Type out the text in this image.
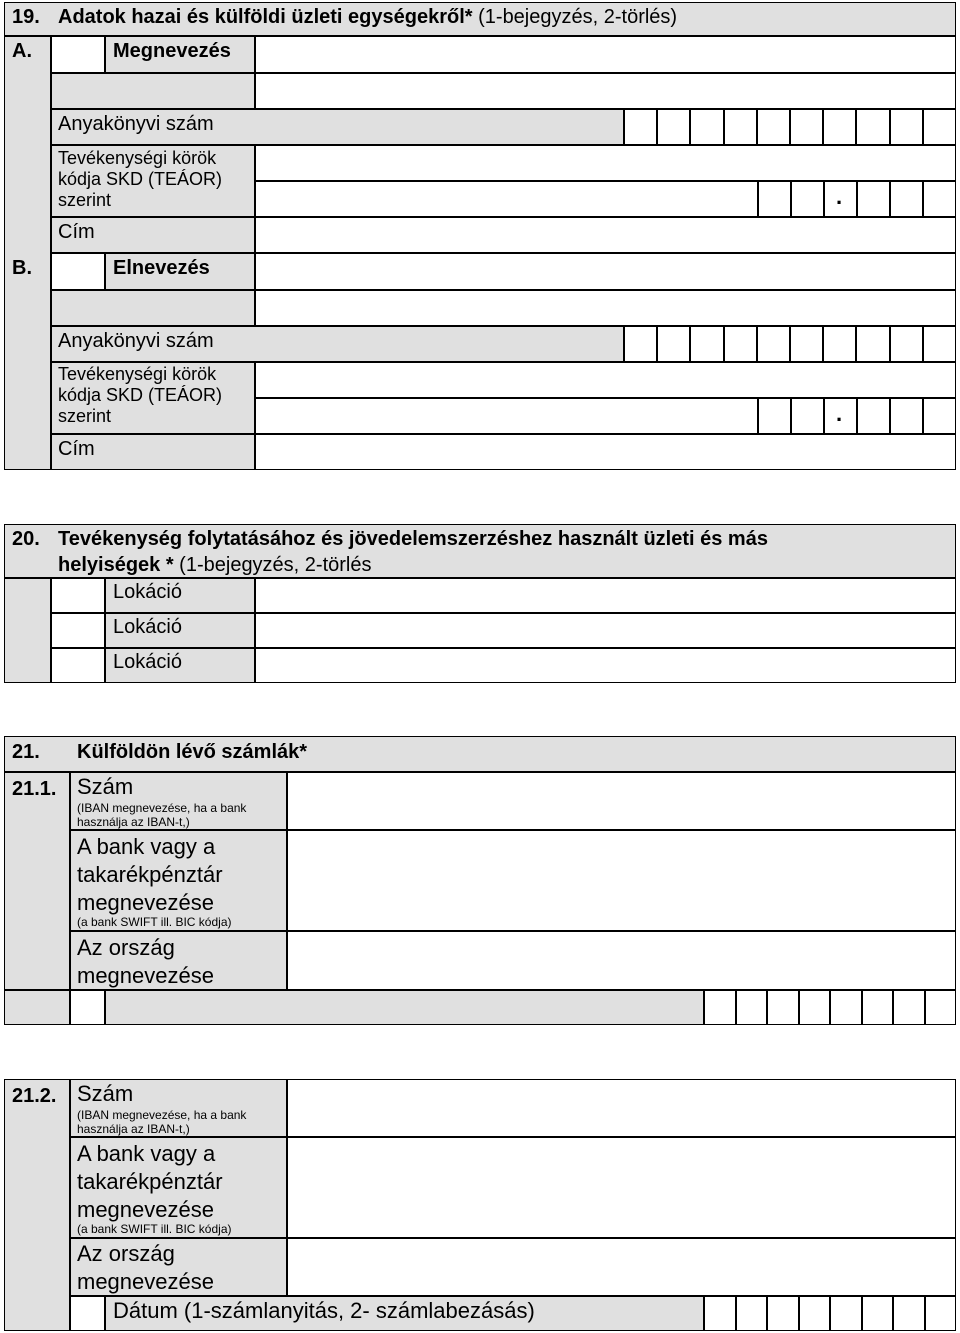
19. Adatok hazai és külföldi üzleti egységekről* (1-bejegyzés, 2-törlés)
A.	Megnevezés
Anyakönyvi szám
Tevékenységi körök
kódja SKD (TEÁOR)
szerint	.
Cím
B.	Elnevezés
Anyakönyvi szám
Tevékenységi körök
kódja SKD (TEÁOR)
szerint	.
Cím
20. Tevékenység folytatásához és jövedelemszerzéshez használt üzleti és más
helyiségek * (1-bejegyzés, 2-törlés
Lokáció
Lokáció
Lokáció
21. Külföldön lévő számlák*
21.1. Szám
(IBAN megnevezése, ha a bank
használja az IBAN-t,)
A bank vagy a
takarékpénztár
megnevezése
(a bank SWIFT ill. BIC kódja)
Az ország
megnevezése
21.2. Szám
(IBAN megnevezése, ha a bank
használja az IBAN-t,)
A bank vagy a
takarékpénztár
megnevezése
(a bank SWIFT ill. BIC kódja)
Az ország
megnevezése
Dátum (1-számlanyitás, 2- számlabezásás)
